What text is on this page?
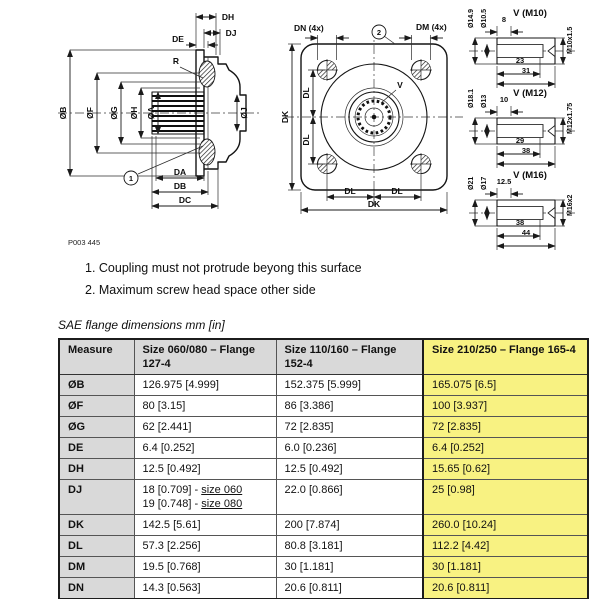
DH
DJ
DE
R
ØB ØF ØG ØH ØA	ØJ
DA
DB
DC
1
P003 445
DN (4x)	DM (4x)
2
V
DL
DL
DK
DL	DL
DK
V (M10)
Ø14.9 Ø10.5 8
M10x1.5
23
31
V (M12)
Ø18.1 Ø13 10
M12x1.75
29
38
V (M16)
Ø21 Ø17 12.5
M16x2
38
44
1. Coupling must not protrude beyong this surface
2. Maximum screw head space other side
SAE flange dimensions mm [in]
Measure	Size 060/080 – Flange 127-4	Size 110/160 – Flange 152-4	Size 210/250 – Flange 165-4
ØB	126.975 [4.999]	152.375 [5.999]	165.075 [6.5]
ØF	80 [3.15]	86 [3.386]	100 [3.937]
ØG	62 [2.441]	72 [2.835]	72 [2.835]
DE	6.4 [0.252]	6.0 [0.236]	6.4 [0.252]
DH	12.5 [0.492]	12.5 [0.492]	15.65 [0.62]
DJ	18 [0.709] - size 060
19 [0.748] - size 080	22.0 [0.866]	25 [0.98]
DK	142.5 [5.61]	200 [7.874]	260.0 [10.24]
DL	57.3 [2.256]	80.8 [3.181]	112.2 [4.42]
DM	19.5 [0.768]	30 [1.181]	30 [1.181]
DN	14.3 [0.563]	20.6 [0.811]	20.6 [0.811]
